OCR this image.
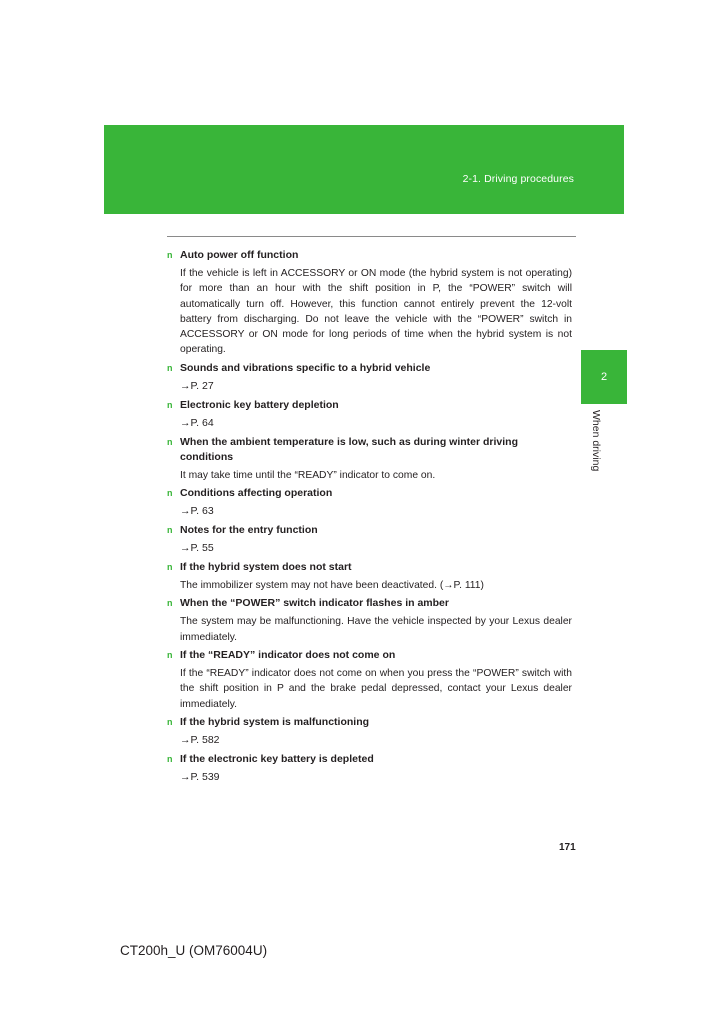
2-1. Driving procedures
2
When driving
n Auto power off function
If the vehicle is left in ACCESSORY or ON mode (the hybrid system is not operating) for more than an hour with the shift position in P, the “POWER” switch will automatically turn off. However, this function cannot entirely prevent the 12-volt battery from discharging. Do not leave the vehicle with the “POWER” switch in ACCESSORY or ON mode for long periods of time when the hybrid system is not operating.
n Sounds and vibrations specific to a hybrid vehicle
→P. 27
n Electronic key battery depletion
→P. 64
n When the ambient temperature is low, such as during winter driving conditions
It may take time until the “READY” indicator to come on.
n Conditions affecting operation
→P. 63
n Notes for the entry function
→P. 55
n If the hybrid system does not start
The immobilizer system may not have been deactivated. (→P. 111)
n When the “POWER” switch indicator flashes in amber
The system may be malfunctioning. Have the vehicle inspected by your Lexus dealer immediately.
n If the “READY” indicator does not come on
If the “READY” indicator does not come on when you press the “POWER” switch with the shift position in P and the brake pedal depressed, contact your Lexus dealer immediately.
n If the hybrid system is malfunctioning
→P. 582
n If the electronic key battery is depleted
→P. 539
171
CT200h_U (OM76004U)
